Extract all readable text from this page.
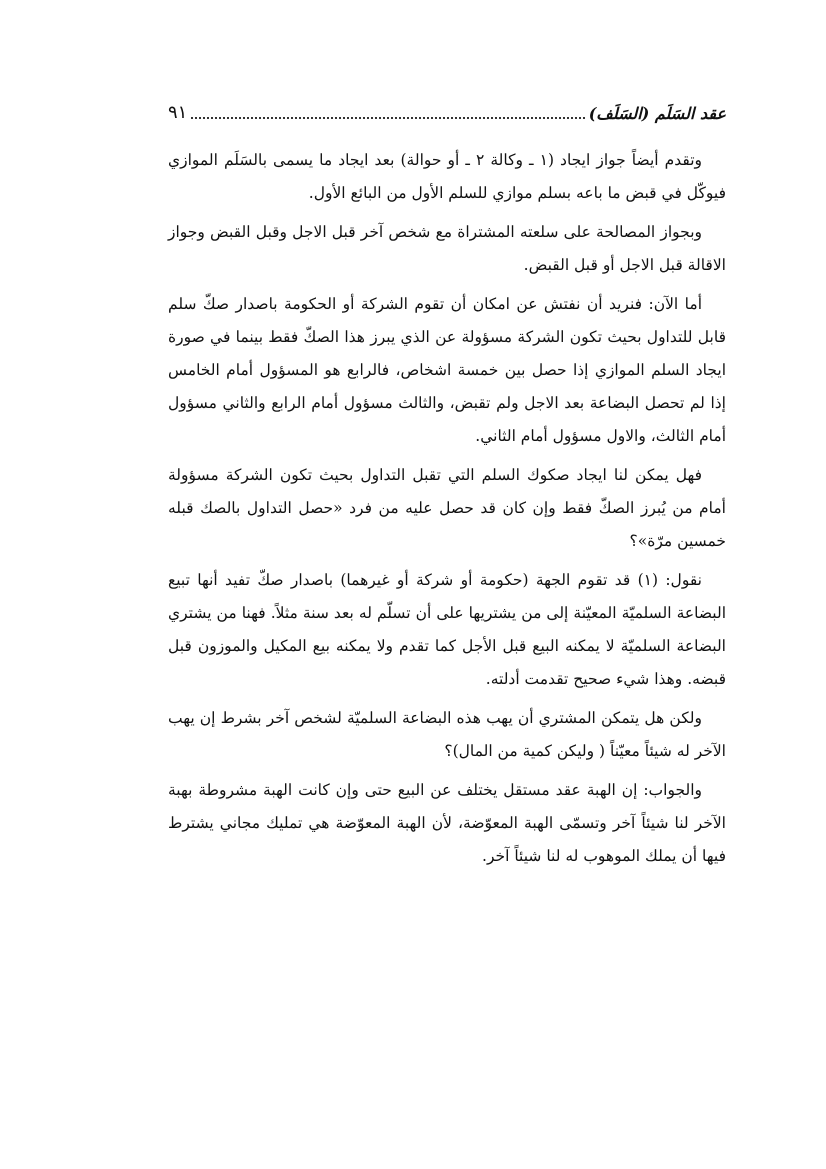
عقد السَلَم (السَلَف)
٩١

وتقدم أيضاً جواز ايجاد (١ ـ وكالة ٢ ـ أو حوالة) بعد ايجاد ما يسمى بالسَلَم الموازي فيوكّل في قبض ما باعه بسلم موازي للسلم الأول من البائع الأول.

وبجواز المصالحة على سلعته المشتراة مع شخص آخر قبل الاجل وقبل القبض وجواز الاقالة قبل الاجل أو قبل القبض.

أما الآن: فنريد أن نفتش عن امكان أن تقوم الشركة أو الحكومة باصدار صكّ سلم قابل للتداول بحيث تكون الشركة مسؤولة عن الذي يبرز هذا الصكّ فقط بينما في صورة ايجاد السلم الموازي إذا حصل بين خمسة اشخاص، فالرابع هو المسؤول أمام الخامس إذا لم تحصل البضاعة بعد الاجل ولم تقبض، والثالث مسؤول أمام الرابع والثاني مسؤول أمام الثالث، والاول مسؤول أمام الثاني.

فهل يمكن لنا ايجاد صكوك السلم التي تقبل التداول بحيث تكون الشركة مسؤولة أمام من يُبرز الصكّ فقط وإن كان قد حصل عليه من فرد «حصل التداول بالصك قبله خمسين مرّة»؟

نقول: (١) قد تقوم الجهة (حكومة أو شركة أو غيرهما) باصدار صكّ تفيد أنها تبيع البضاعة السلميّة المعيّنة إلى من يشتريها على أن تسلّم له بعد سنة مثلاً. فهنا من يشتري البضاعة السلميّة لا يمكنه البيع قبل الأجل كما تقدم ولا يمكنه بيع المكيل والموزون قبل قبضه. وهذا شيء صحيح تقدمت أدلته.

ولكن هل يتمكن المشتري أن يهب هذه البضاعة السلميّة لشخص آخر بشرط إن يهب الآخر له شيئاً معيّناً ( وليكن كمية من المال)؟

والجواب: إن الهبة عقد مستقل يختلف عن البيع حتى وإن كانت الهبة مشروطة بهبة الآخر لنا شيئاً آخر وتسمّى الهبة المعوّضة، لأن الهبة المعوّضة هي تمليك مجاني يشترط فيها أن يملك الموهوب له لنا شيئاً آخر.
